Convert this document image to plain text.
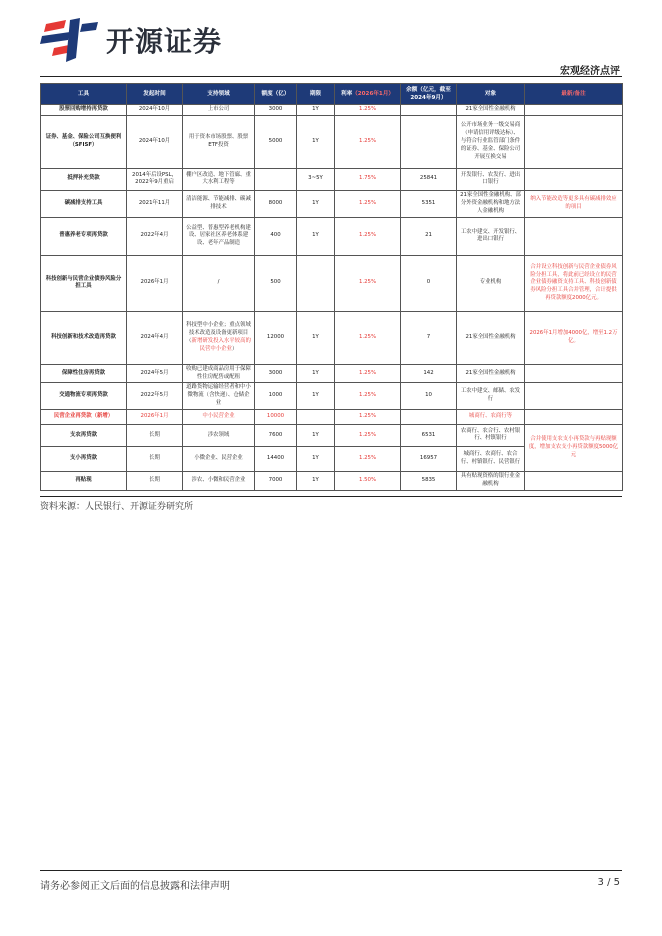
开源证券
宏观经济点评
工具	发起时间	支持领域	额度（亿）	期限	利率（2026年1月）	余额（亿元，截至2024年9月）	对象	最新/备注
股票回购增持再贷款	2024年10月	上市公司	3000	1Y	1.25%		21家全国性金融机构	
证券、基金、保险公司互换便利（SFISF）	2024年10月	用于资本市场股票、股票ETF投资	5000	1Y	1.25%		公开市场业务一级交易商（申请信用评级达标）、与符合行业监管部门条件的证券、基金、保险公司开展互换交易	
抵押补充贷款	2014年后设PSL，2022年9月重启	棚户区改造、地下管廊、重大水利工程等		3~5Y	1.75%	25841	开发银行、农发行、进出口银行	
碳减排支持工具	2021年11月	清洁能源、节能减排、碳减排技术	8000	1Y	1.25%	5351	21家全国性金融机构、部分外资金融机构和地方法人金融机构	纳入节能改造等更多具有碳减排效应的项目
普惠养老专项再贷款	2022年4月	公益型、普惠型养老机构建设、居家社区养老体系建设、老年产品制造	400	1Y	1.25%	21	工农中建交、开发银行、进出口银行	
科技创新与民营企业债券风险分担工具	2026年1月	/	500		1.25%	0	专业机构	合并设立科技创新与民营企业债券风险分担工具，将此前已经设立的民营企业债券融资支持工具、科技创新债券风险分担工具合并管理，合计提供再贷款额度2000亿元。
科技创新和技术改造再贷款	2024年4月	科技型中小企业；重点领域技术改造及设备更新项目（新增研发投入水平较高的民营中小企业）	12000	1Y	1.25%	7	21家全国性金融机构	2026年1月增加4000亿，增至1.2万亿。
保障性住房再贷款	2024年5月	收购已建成商品房用于保障性住房配售或配租	3000	1Y	1.25%	142	21家全国性金融机构	
交通物流专项再贷款	2022年5月	道路货物运输经营者和中小微物流（含快递）、仓储企业	1000	1Y	1.25%	10	工农中建交、邮储、农发行	
民营企业再贷款（新增）	2026年1月	中小民营企业	10000		1.25%		城商行、农商行等	
支农再贷款	长期	涉农领域	7600	1Y	1.25%	6531	农商行、农合行、农村银行、村镇银行	合并使用支农支小再贷款与再贴现额度，增加支农支小再贷款额度5000亿元
支小再贷款	长期	小微企业、民营企业	14400	1Y	1.25%	16957	城商行、农商行、农合行、村镇银行、民营银行	
再贴现	长期	涉农、小微和民营企业	7000	1Y	1.50%	5835	具有贴现资格的银行业金融机构	
资料来源：人民银行、开源证券研究所
请务必参阅正文后面的信息披露和法律声明	3 / 5
